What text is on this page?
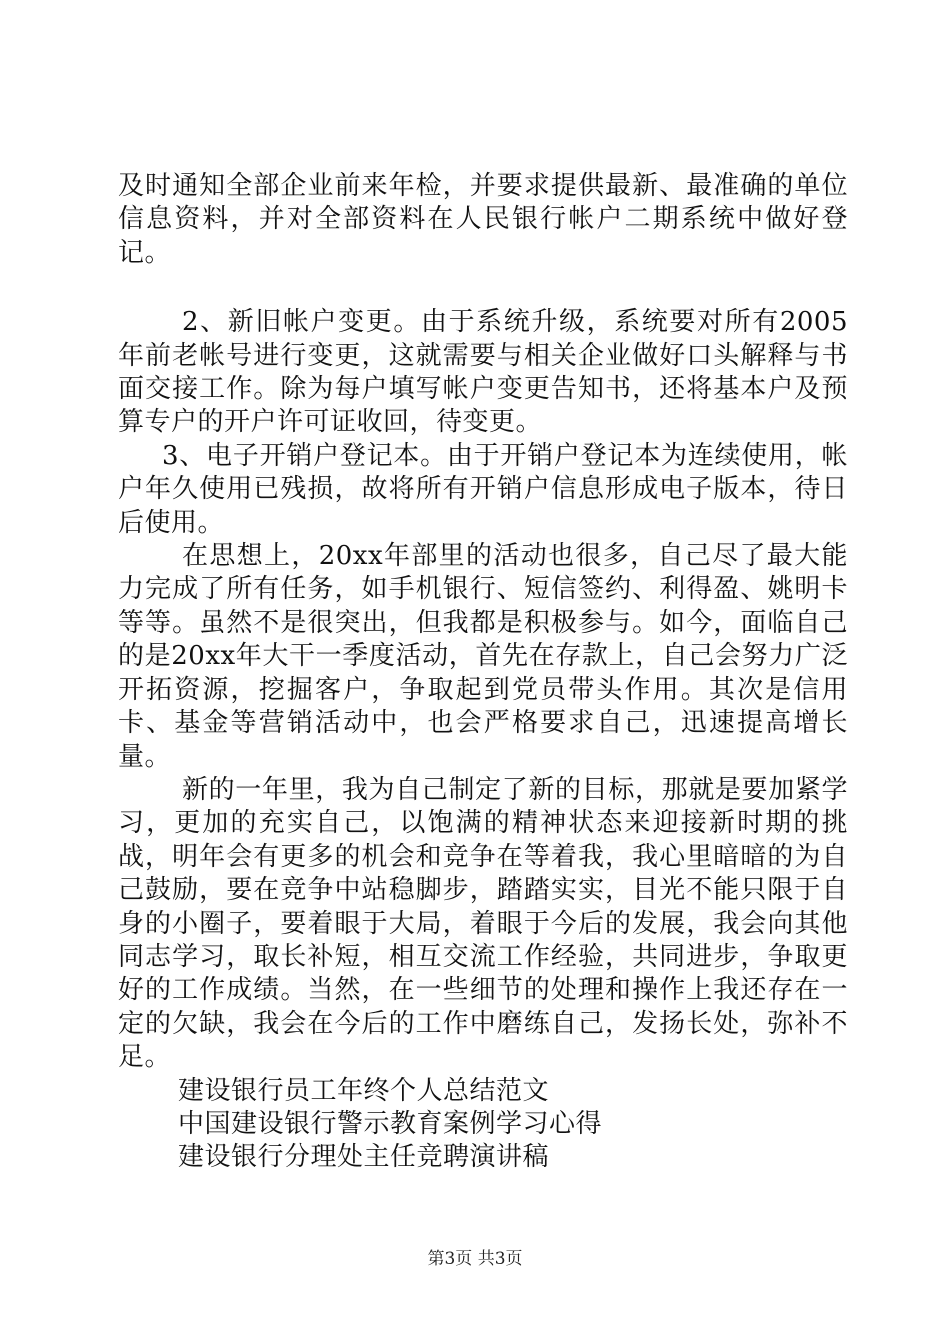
及时通知全部企业前来年检，并要求提供最新、最准确的单位信息资料，并对全部资料在人民银行帐户二期系统中做好登记。

2、新旧帐户变更。由于系统升级，系统要对所有2005年前老帐号进行变更，这就需要与相关企业做好口头解释与书面交接工作。除为每户填写帐户变更告知书，还将基本户及预算专户的开户许可证收回，待变更。

3、电子开销户登记本。由于开销户登记本为连续使用，帐户年久使用已残损，故将所有开销户信息形成电子版本，待日后使用。

在思想上，20xx年部里的活动也很多，自己尽了最大能力完成了所有任务，如手机银行、短信签约、利得盈、姚明卡等等。虽然不是很突出，但我都是积极参与。如今，面临自己的是20xx年大干一季度活动，首先在存款上，自己会努力广泛开拓资源，挖掘客户，争取起到党员带头作用。其次是信用卡、基金等营销活动中，也会严格要求自己，迅速提高增长量。

新的一年里，我为自己制定了新的目标，那就是要加紧学习，更加的充实自己，以饱满的精神状态来迎接新时期的挑战，明年会有更多的机会和竞争在等着我，我心里暗暗的为自己鼓励，要在竞争中站稳脚步，踏踏实实，目光不能只限于自身的小圈子，要着眼于大局，着眼于今后的发展，我会向其他同志学习，取长补短，相互交流工作经验，共同进步，争取更好的工作成绩。当然，在一些细节的处理和操作上我还存在一定的欠缺，我会在今后的工作中磨练自己，发扬长处，弥补不足。

建设银行员工年终个人总结范文
中国建设银行警示教育案例学习心得
建设银行分理处主任竞聘演讲稿
第3页 共3页
